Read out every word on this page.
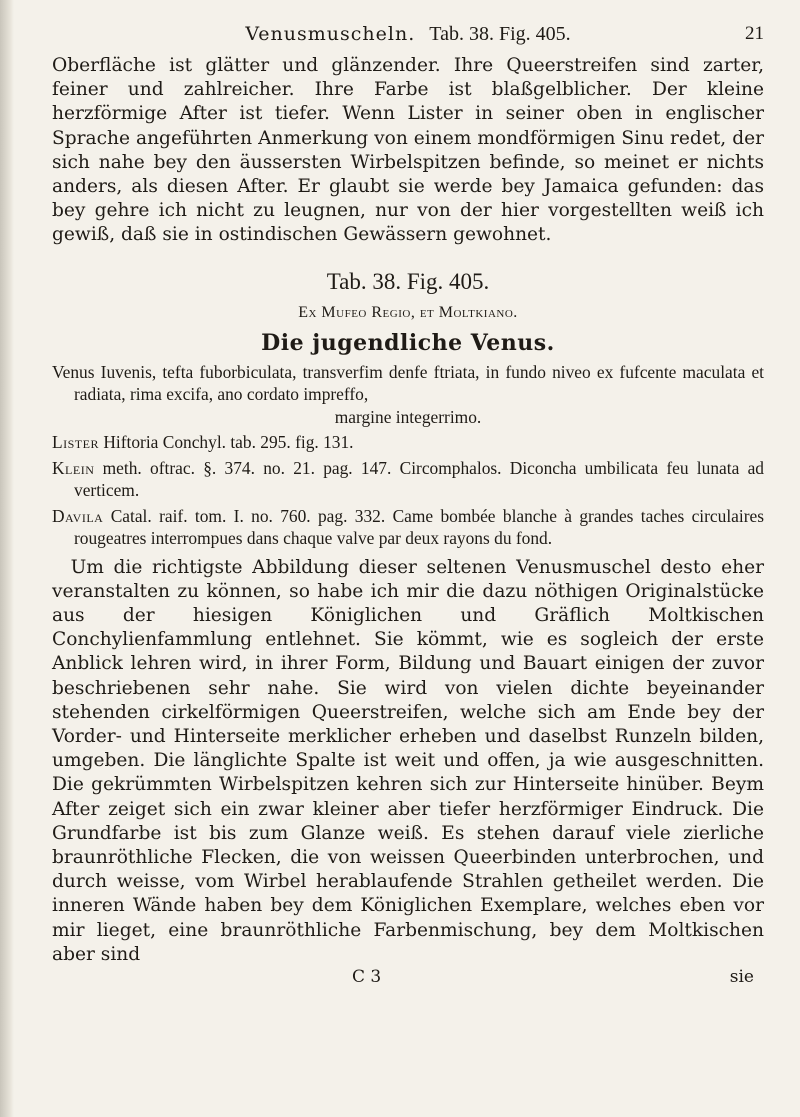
Venusmuscheln. Tab. 38. Fig. 405.	21

Oberfläche ist glätter und glänzender. Ihre Queerstreifen sind zarter, feiner und zahlreicher. Ihre Farbe ist blaßgelblicher. Der kleine herzförmige After ist tiefer. Wenn Lister in seiner oben in englischer Sprache angeführten Anmerkung von einem mondförmigen Sinu redet, der sich nahe bey den äussersten Wirbelspitzen befinde, so meinet er nichts anders, als diesen After. Er glaubt sie werde bey Jamaica gefunden: das bey gehre ich nicht zu leugnen, nur von der hier vorgestellten weiß ich gewiß, daß sie in ostindischen Gewässern gewohnet.

Tab. 38. Fig. 405.
Ex Mufeo Regio, et Moltkiano.
Die jugendliche Venus.

Venus Iuvenis, tefta fuborbiculata, transverfim denfe ftriata, in fundo niveo ex fufcente maculata et radiata, rima excifa, ano cordato impreffo,
margine integerrimo.

Lister Hiftoria Conchyl. tab. 295. fig. 131.

Klein meth. oftrac. §. 374. no. 21. pag. 147. Circomphalos. Diconcha umbilicata feu lunata ad verticem.

Davila Catal. raif. tom. I. no. 760. pag. 332. Came bombée blanche à grandes taches circulaires rougeatres interrompues dans chaque valve par deux rayons du fond.

 Um die richtigste Abbildung dieser seltenen Venusmuschel desto eher veranstalten zu können, so habe ich mir die dazu nöthigen Originalstücke aus der hiesigen Königlichen und Gräflich Moltkischen Conchylienfammlung entlehnet. Sie kömmt, wie es sogleich der erste Anblick lehren wird, in ihrer Form, Bildung und Bauart einigen der zuvor beschriebenen sehr nahe. Sie wird von vielen dichte beyeinander stehenden cirkelförmigen Queerstreifen, welche sich am Ende bey der Vorder- und Hinterseite merklicher erheben und daselbst Runzeln bilden, umgeben. Die länglichte Spalte ist weit und offen, ja wie ausgeschnitten. Die gekrümmten Wirbelspitzen kehren sich zur Hinterseite hinüber. Beym After zeiget sich ein zwar kleiner aber tiefer herzförmiger Eindruck. Die Grundfarbe ist bis zum Glanze weiß. Es stehen darauf viele zierliche braunröthliche Flecken, die von weissen Queerbinden unterbrochen, und durch weisse, vom Wirbel herablaufende Strahlen getheilet werden. Die inneren Wände haben bey dem Königlichen Exemplare, welches eben vor mir lieget, eine braunröthliche Farbenmischung, bey dem Moltkischen aber sind

C 3	sie
